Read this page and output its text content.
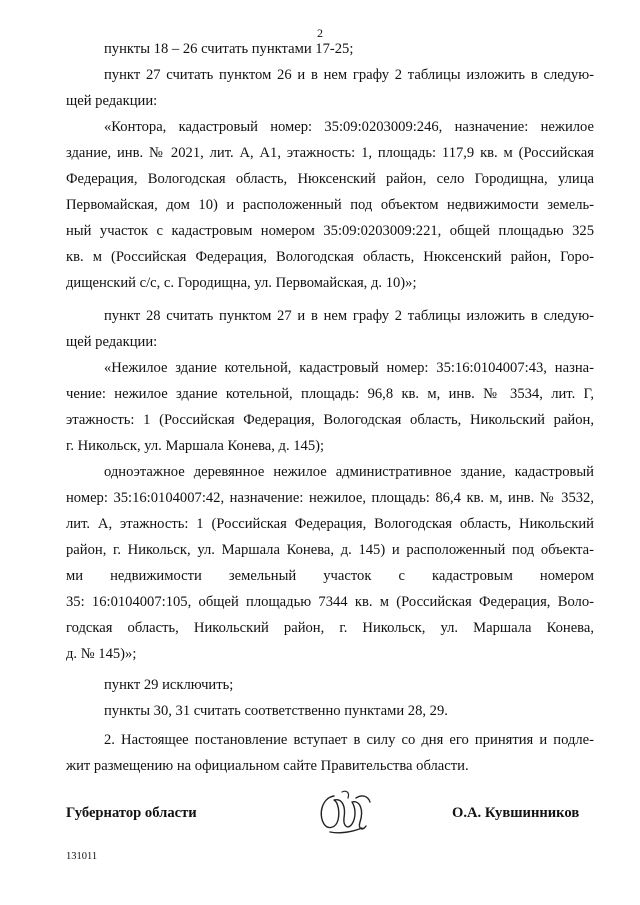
2
пункты 18 – 26 считать пунктами 17-25;
пункт 27 считать пунктом 26 и в нем графу 2 таблицы изложить в следую-
щей редакции:
«Контора, кадастровый номер: 35:09:0203009:246, назначение: нежилое
здание, инв. № 2021, лит. А, А1, этажность: 1, площадь: 117,9 кв. м (Российская
Федерация, Вологодская область, Нюксенский район, село Городищна, улица
Первомайская, дом 10) и расположенный под объектом недвижимости земель-
ный участок с кадастровым номером 35:09:0203009:221, общей площадью 325
кв. м (Российская Федерация, Вологодская область, Нюксенский район, Горо-
дищенский с/с, с. Городищна, ул. Первомайская, д. 10)»;
пункт 28 считать пунктом 27 и в нем графу 2 таблицы изложить в следую-
щей редакции:
«Нежилое здание котельной, кадастровый номер: 35:16:0104007:43, назна-
чение: нежилое здание котельной, площадь: 96,8 кв. м, инв. № 3534, лит. Г,
этажность: 1 (Российская Федерация, Вологодская область, Никольский район,
г. Никольск, ул. Маршала Конева, д. 145);
одноэтажное деревянное нежилое административное здание, кадастровый
номер: 35:16:0104007:42, назначение: нежилое, площадь: 86,4 кв. м, инв. № 3532,
лит. А, этажность: 1 (Российская Федерация, Вологодская область, Никольский
район, г. Никольск, ул. Маршала Конева, д. 145) и расположенный под объекта-
ми недвижимости земельный участок с кадастровым номером
35: 16:0104007:105, общей площадью 7344 кв. м (Российская Федерация, Воло-
годская область, Никольский район, г. Никольск, ул. Маршала Конева,
д. № 145)»;
пункт 29 исключить;
пункты 30, 31 считать соответственно пунктами 28, 29.
2. Настоящее постановление вступает в силу со дня его принятия и подле-
жит размещению на официальном сайте Правительства области.
Губернатор области	О.А. Кувшинников
131011
